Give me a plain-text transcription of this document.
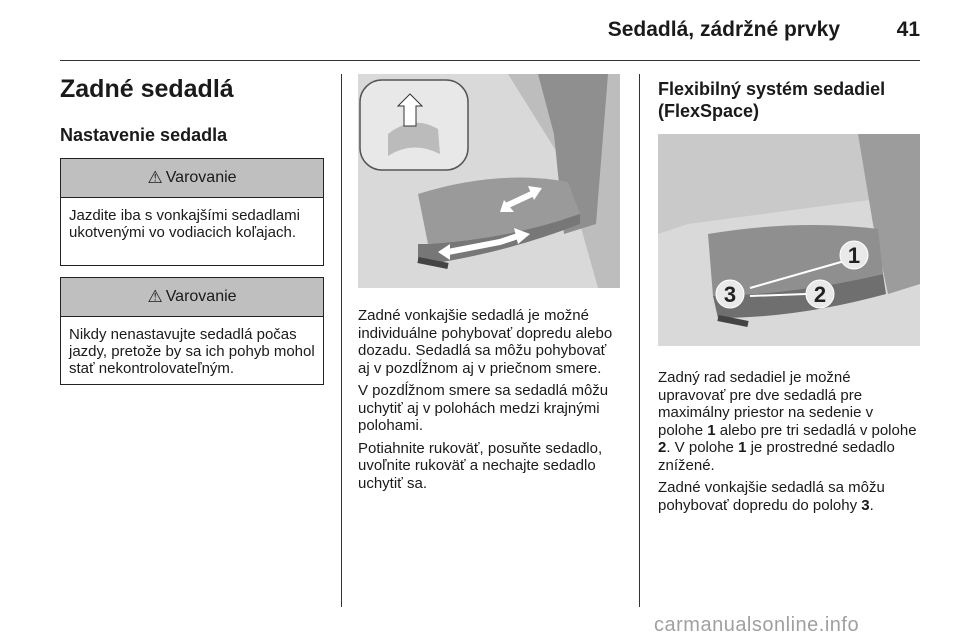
Sedadlá, zádržné prvky	41
Zadné sedadlá
Nastavenie sedadla
⚠ Varovanie
Jazdite iba s vonkajšími sedadlami ukotvenými vo vodiacich koľajach.
⚠ Varovanie
Nikdy nenastavujte sedadlá počas jazdy, pretože by sa ich pohyb mohol stať nekontrolovateľným.

Zadné vonkajšie sedadlá je možné individuálne pohybovať dopredu alebo dozadu. Sedadlá sa môžu pohybovať aj v pozdĺžnom aj v priečnom smere.

V pozdĺžnom smere sa sedadlá môžu uchytiť aj v polohách medzi krajnými polohami.

Potiahnite rukoväť, posuňte sedadlo, uvoľnite rukoväť a nechajte sedadlo uchytiť sa.

Flexibilný systém sedadiel (FlexSpace)
1
2
3

Zadný rad sedadiel je možné upravovať pre dve sedadlá pre maximálny priestor na sedenie v polohe 1 alebo pre tri sedadlá v polohe 2. V polohe 1 je prostredné sedadlo znížené.

Zadné vonkajšie sedadlá sa môžu pohybovať dopredu do polohy 3.

carmanualsonline.info
